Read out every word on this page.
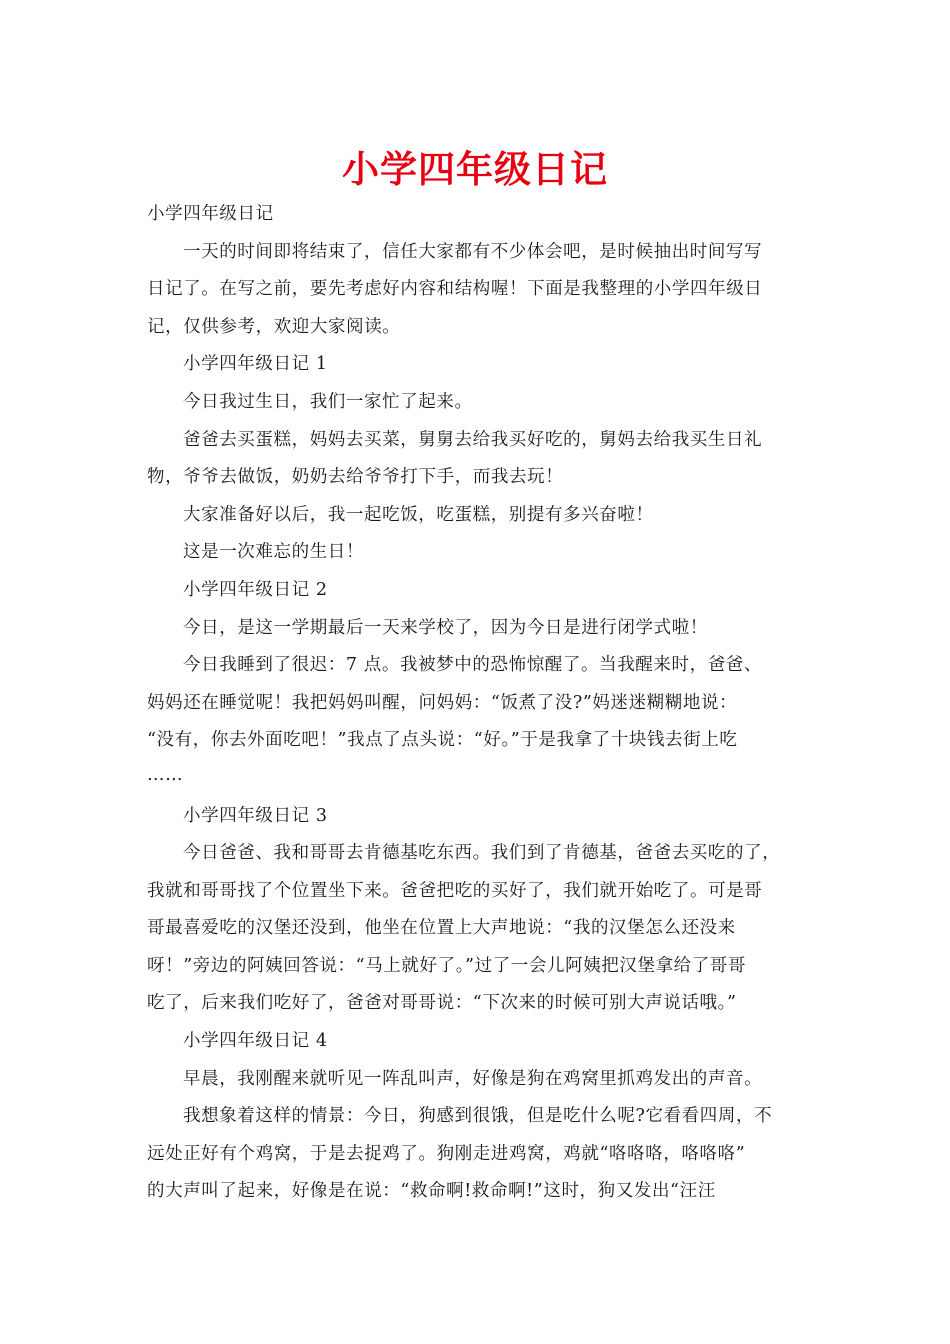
小学四年级日记
小学四年级日记
一天的时间即将结束了，信任大家都有不少体会吧，是时候抽出时间写写
日记了。在写之前，要先考虑好内容和结构喔！下面是我整理的小学四年级日
记，仅供参考，欢迎大家阅读。
小学四年级日记 1
今日我过生日，我们一家忙了起来。
爸爸去买蛋糕，妈妈去买菜，舅舅去给我买好吃的，舅妈去给我买生日礼
物，爷爷去做饭，奶奶去给爷爷打下手，而我去玩！
大家准备好以后，我一起吃饭，吃蛋糕，别提有多兴奋啦！
这是一次难忘的生日！
小学四年级日记 2
今日，是这一学期最后一天来学校了，因为今日是进行闭学式啦！
今日我睡到了很迟：7 点。我被梦中的恐怖惊醒了。当我醒来时，爸爸、
妈妈还在睡觉呢！我把妈妈叫醒，问妈妈：“饭煮了没?”妈迷迷糊糊地说：
“没有，你去外面吃吧！”我点了点头说：“好。”于是我拿了十块钱去街上吃
……
小学四年级日记 3
今日爸爸、我和哥哥去肯德基吃东西。我们到了肯德基，爸爸去买吃的了，
我就和哥哥找了个位置坐下来。爸爸把吃的买好了，我们就开始吃了。可是哥
哥最喜爱吃的汉堡还没到，他坐在位置上大声地说：“我的汉堡怎么还没来
呀！”旁边的阿姨回答说：“马上就好了。”过了一会儿阿姨把汉堡拿给了哥哥
吃了，后来我们吃好了，爸爸对哥哥说：“下次来的时候可别大声说话哦。”
小学四年级日记 4
早晨，我刚醒来就听见一阵乱叫声，好像是狗在鸡窝里抓鸡发出的声音。
我想象着这样的情景：今日，狗感到很饿，但是吃什么呢?它看看四周，不
远处正好有个鸡窝，于是去捉鸡了。狗刚走进鸡窝，鸡就“咯咯咯，咯咯咯”
的大声叫了起来，好像是在说：“救命啊!救命啊!”这时，狗又发出“汪汪
